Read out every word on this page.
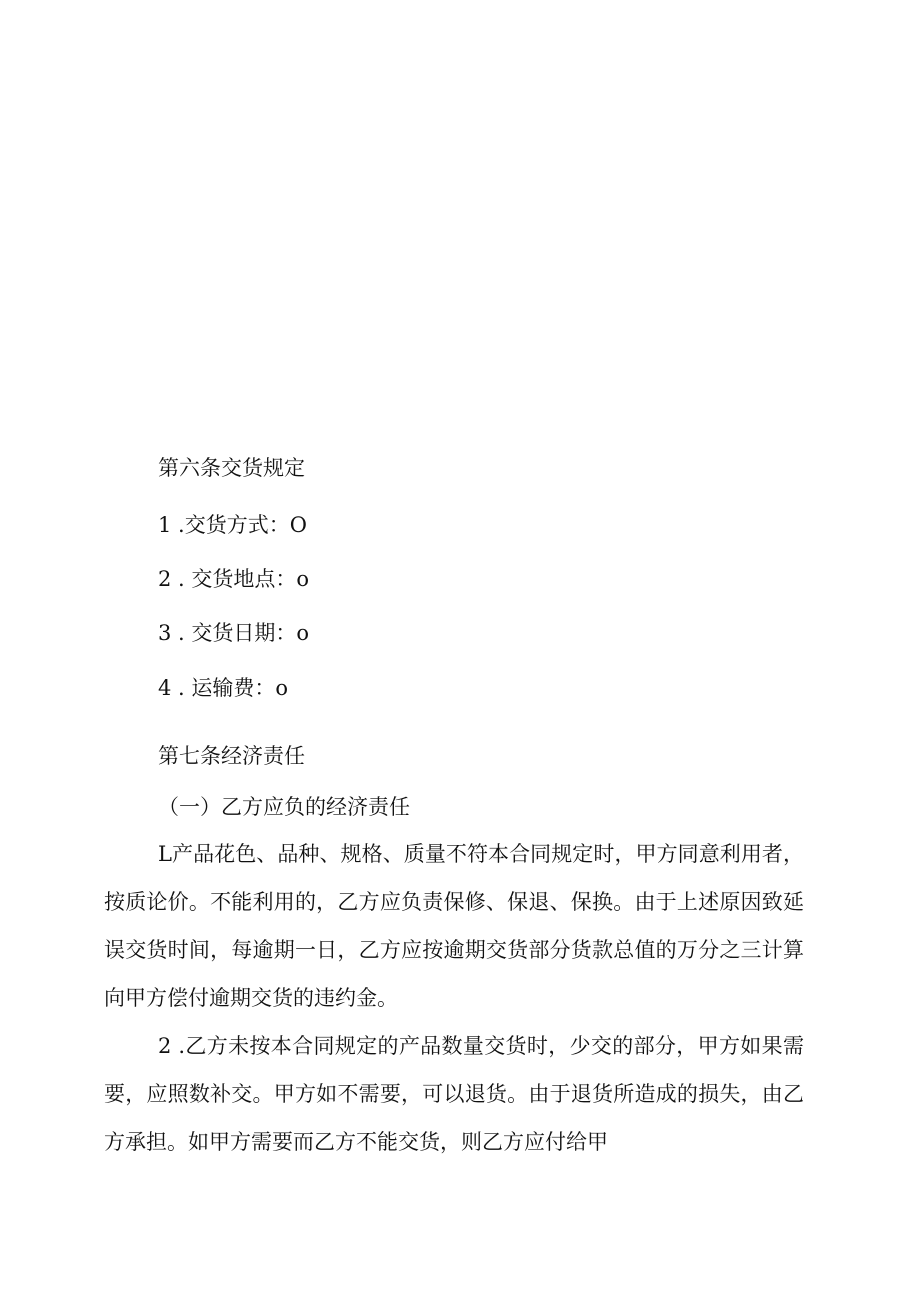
第六条交货规定
1 .交货方式：O
2 . 交货地点：o
3 . 交货日期：o
4 . 运输费：o
第七条经济责任
（一）乙方应负的经济责任
L产品花色、品种、规格、质量不符本合同规定时，甲方同意利用者，按质论价。不能利用的，乙方应负责保修、保退、保换。由于上述原因致延误交货时间，每逾期一日，乙方应按逾期交货部分货款总值的万分之三计算向甲方偿付逾期交货的违约金。
2 .乙方未按本合同规定的产品数量交货时，少交的部分，甲方如果需要，应照数补交。甲方如不需要，可以退货。由于退货所造成的损失，由乙方承担。如甲方需要而乙方不能交货，则乙方应付给甲
